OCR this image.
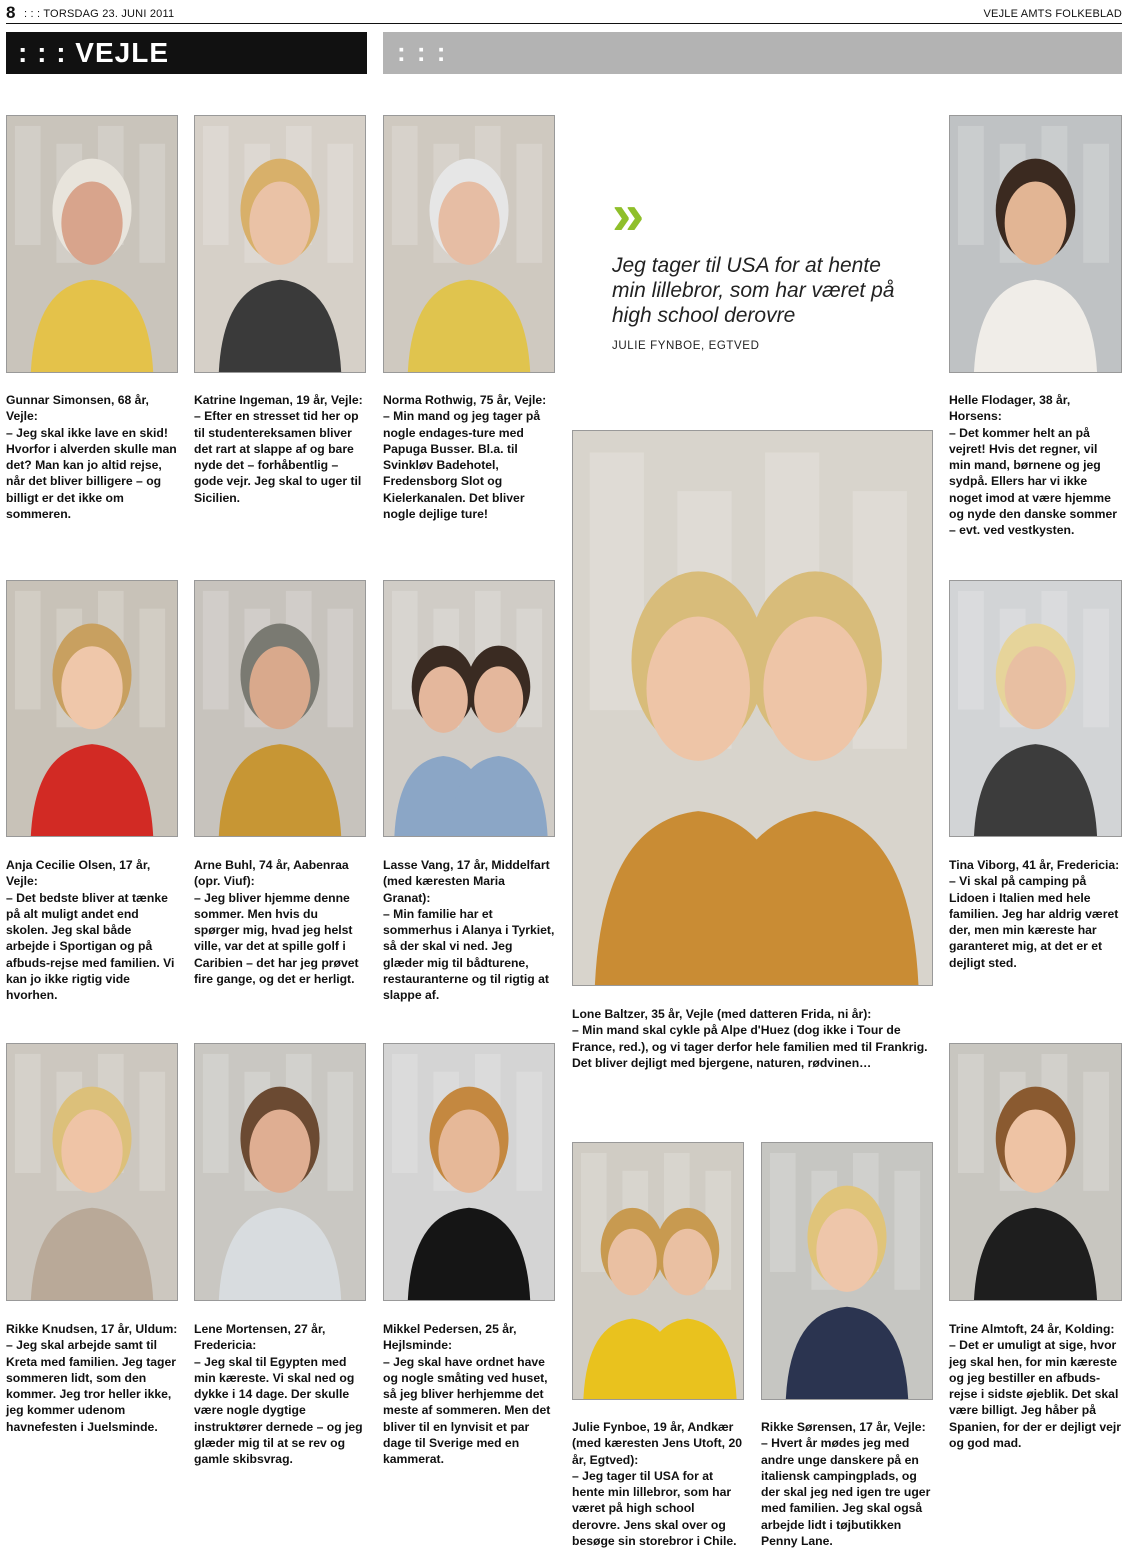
8 : : : TORSDAG 23. JUNI 2011	VEJLE AMTS FOLKEBLAD
: : : VEJLE	: : :
»
Jeg tager til USA for at hente min lillebror, som har været på high school derovre
JULIE FYNBOE, EGTVED
Gunnar Simonsen, 68 år, Vejle:
– Jeg skal ikke lave en skid! Hvorfor i alverden skulle man det? Man kan jo altid rejse, når det bliver billigere – og billigt er det ikke om sommeren.
Katrine Ingeman, 19 år, Vejle:
– Efter en stresset tid her op til studentereksamen bliver det rart at slappe af og bare nyde det – forhåbentlig – gode vejr. Jeg skal to uger til Sicilien.
Norma Rothwig, 75 år, Vejle:
– Min mand og jeg tager på nogle endages-ture med Papuga Busser. Bl.a. til Svinkløv Badehotel, Fredensborg Slot og Kielerkanalen. Det bliver nogle dejlige ture!
Helle Flodager, 38 år, Horsens:
– Det kommer helt an på vejret! Hvis det regner, vil min mand, børnene og jeg sydpå. Ellers har vi ikke noget imod at være hjemme og nyde den danske sommer – evt. ved vestkysten.
Anja Cecilie Olsen, 17 år, Vejle:
– Det bedste bliver at tænke på alt muligt andet end skolen. Jeg skal både arbejde i Sportigan og på afbuds-rejse med familien. Vi kan jo ikke rigtig vide hvorhen.
Arne Buhl, 74 år, Aabenraa (opr. Viuf):
– Jeg bliver hjemme denne sommer. Men hvis du spørger mig, hvad jeg helst ville, var det at spille golf i Caribien – det har jeg prøvet fire gange, og det er herligt.
Lasse Vang, 17 år, Middelfart (med kæresten Maria Granat):
– Min familie har et sommerhus i Alanya i Tyrkiet, så der skal vi ned. Jeg glæder mig til bådturene, restauranterne og til rigtig at slappe af.
Tina Viborg, 41 år, Fredericia:
– Vi skal på camping på Lidoen i Italien med hele familien. Jeg har aldrig været der, men min kæreste har garanteret mig, at det er et dejligt sted.
Lone Baltzer, 35 år, Vejle (med datteren Frida, ni år):
– Min mand skal cykle på Alpe d'Huez (dog ikke i Tour de France, red.), og vi tager derfor hele familien med til Frankrig. Det bliver dejligt med bjergene, naturen, rødvinen…
Rikke Knudsen, 17 år, Uldum:
– Jeg skal arbejde samt til Kreta med familien. Jeg tager sommeren lidt, som den kommer. Jeg tror heller ikke, jeg kommer udenom havnefesten i Juelsminde.
Lene Mortensen, 27 år, Fredericia:
– Jeg skal til Egypten med min kæreste. Vi skal ned og dykke i 14 dage. Der skulle være nogle dygtige instruktører dernede – og jeg glæder mig til at se rev og gamle skibsvrag.
Mikkel Pedersen, 25 år, Hejlsminde:
– Jeg skal have ordnet have og nogle småting ved huset, så jeg bliver herhjemme det meste af sommeren. Men det bliver til en lynvisit et par dage til Sverige med en kammerat.
Julie Fynboe, 19 år, Andkær (med kæresten Jens Utoft, 20 år, Egtved):
– Jeg tager til USA for at hente min lillebror, som har været på high school derovre. Jens skal over og besøge sin storebror i Chile.
Rikke Sørensen, 17 år, Vejle:
– Hvert år mødes jeg med andre unge danskere på en italiensk campingplads, og der skal jeg ned igen tre uger med familien. Jeg skal også arbejde lidt i tøjbutikken Penny Lane.
Trine Almtoft, 24 år, Kolding:
– Det er umuligt at sige, hvor jeg skal hen, for min kæreste og jeg bestiller en afbuds-rejse i sidste øjeblik. Det skal være billigt. Jeg håber på Spanien, for der er dejligt vejr og god mad.
